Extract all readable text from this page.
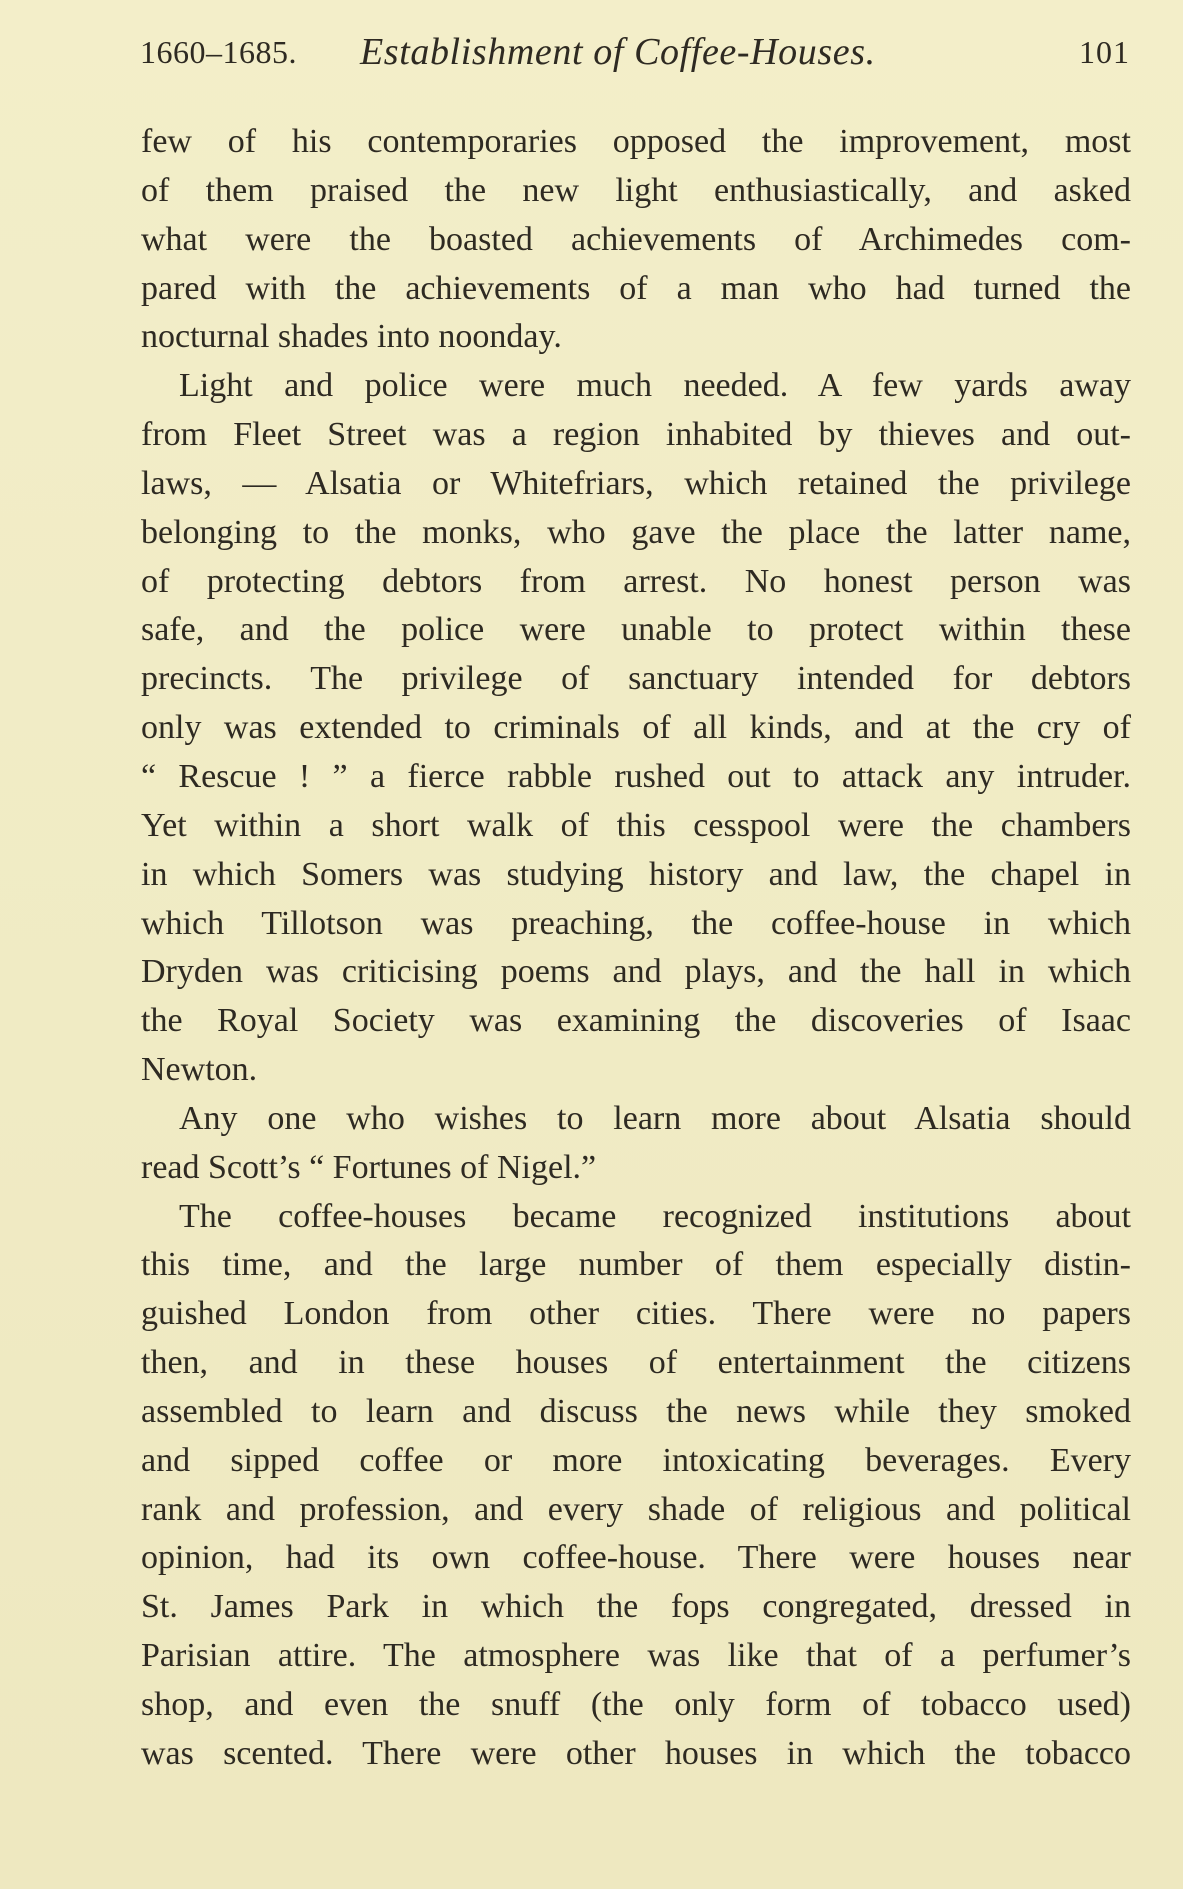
1660–1685. Establishment of Coffee-Houses.	101
few of his contemporaries opposed the improvement, most
of them praised the new light enthusiastically, and asked
what were the boasted achievements of Archimedes com-
pared with the achievements of a man who had turned the
nocturnal shades into noonday.
Light and police were much needed. A few yards away
from Fleet Street was a region inhabited by thieves and out-
laws, — Alsatia or Whitefriars, which retained the privilege
belonging to the monks, who gave the place the latter name,
of protecting debtors from arrest. No honest person was
safe, and the police were unable to protect within these
precincts. The privilege of sanctuary intended for debtors
only was extended to criminals of all kinds, and at the cry of
“ Rescue ! ” a fierce rabble rushed out to attack any intruder.
Yet within a short walk of this cesspool were the chambers
in which Somers was studying history and law, the chapel in
which Tillotson was preaching, the coffee-house in which
Dryden was criticising poems and plays, and the hall in which
the Royal Society was examining the discoveries of Isaac
Newton.
Any one who wishes to learn more about Alsatia should
read Scott’s “ Fortunes of Nigel.”
The coffee-houses became recognized institutions about
this time, and the large number of them especially distin-
guished London from other cities. There were no papers
then, and in these houses of entertainment the citizens
assembled to learn and discuss the news while they smoked
and sipped coffee or more intoxicating beverages. Every
rank and profession, and every shade of religious and political
opinion, had its own coffee-house. There were houses near
St. James Park in which the fops congregated, dressed in
Parisian attire. The atmosphere was like that of a perfumer’s
shop, and even the snuff (the only form of tobacco used)
was scented. There were other houses in which the tobacco
